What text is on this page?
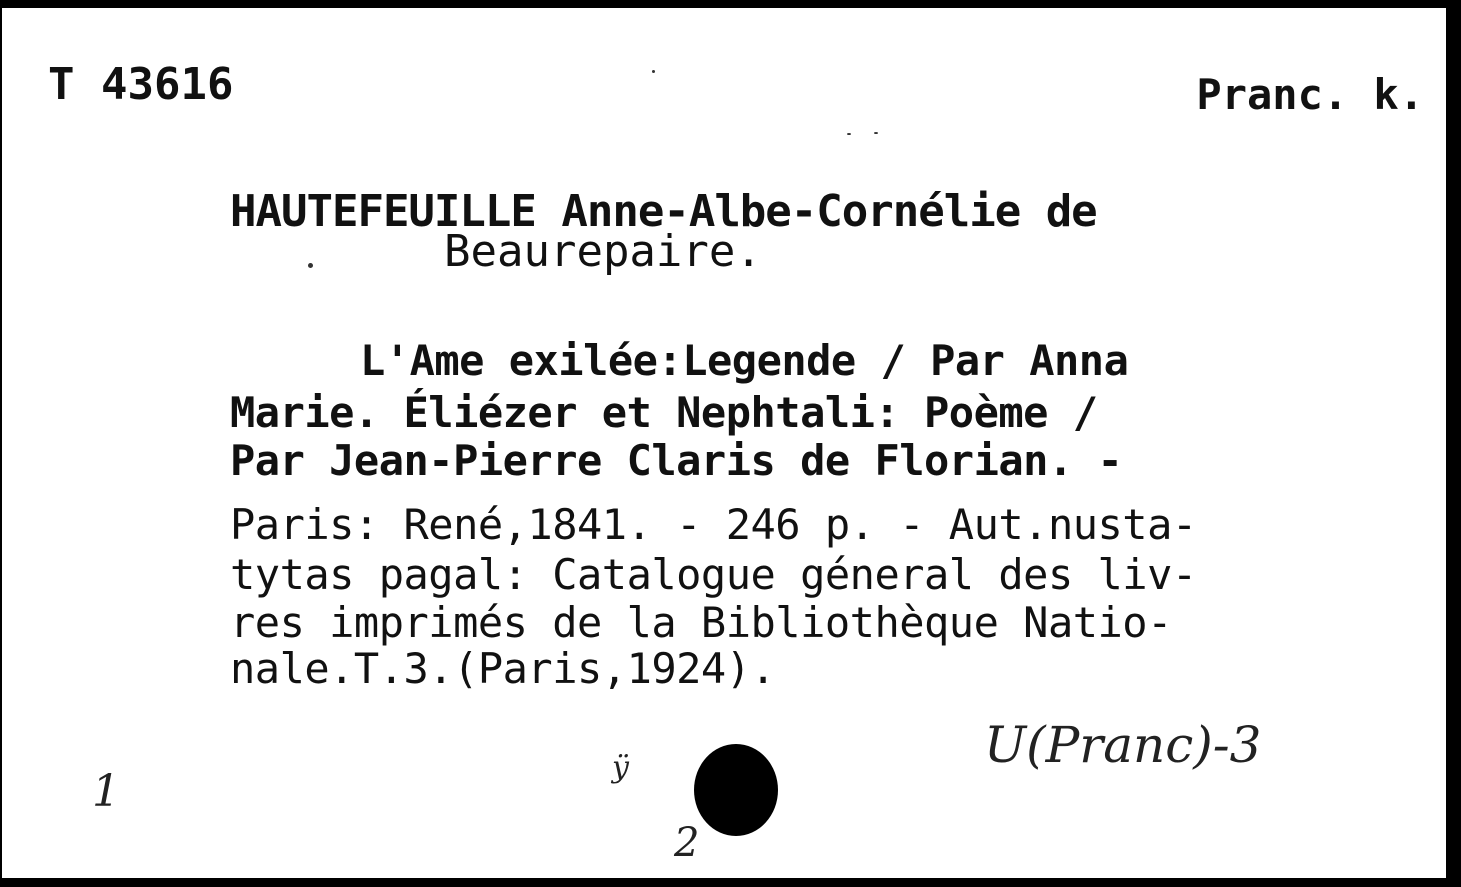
T 43616	Pranc. k.
HAUTEFEUILLE Anne-Albe-Cornélie de
Beaurepaire.
L'Ame exilée:Legende / Par Anna
Marie. Éliézer et Nephtali: Poème /
Par Jean-Pierre Claris de Florian. -
Paris: René,1841. - 246 p. - Aut.nusta-
tytas pagal: Catalogue géneral des liv-
res imprimés de la Bibliothèque Natio-
nale.T.3.(Paris,1924).
1	ÿ
2
U(Pranc)-3
